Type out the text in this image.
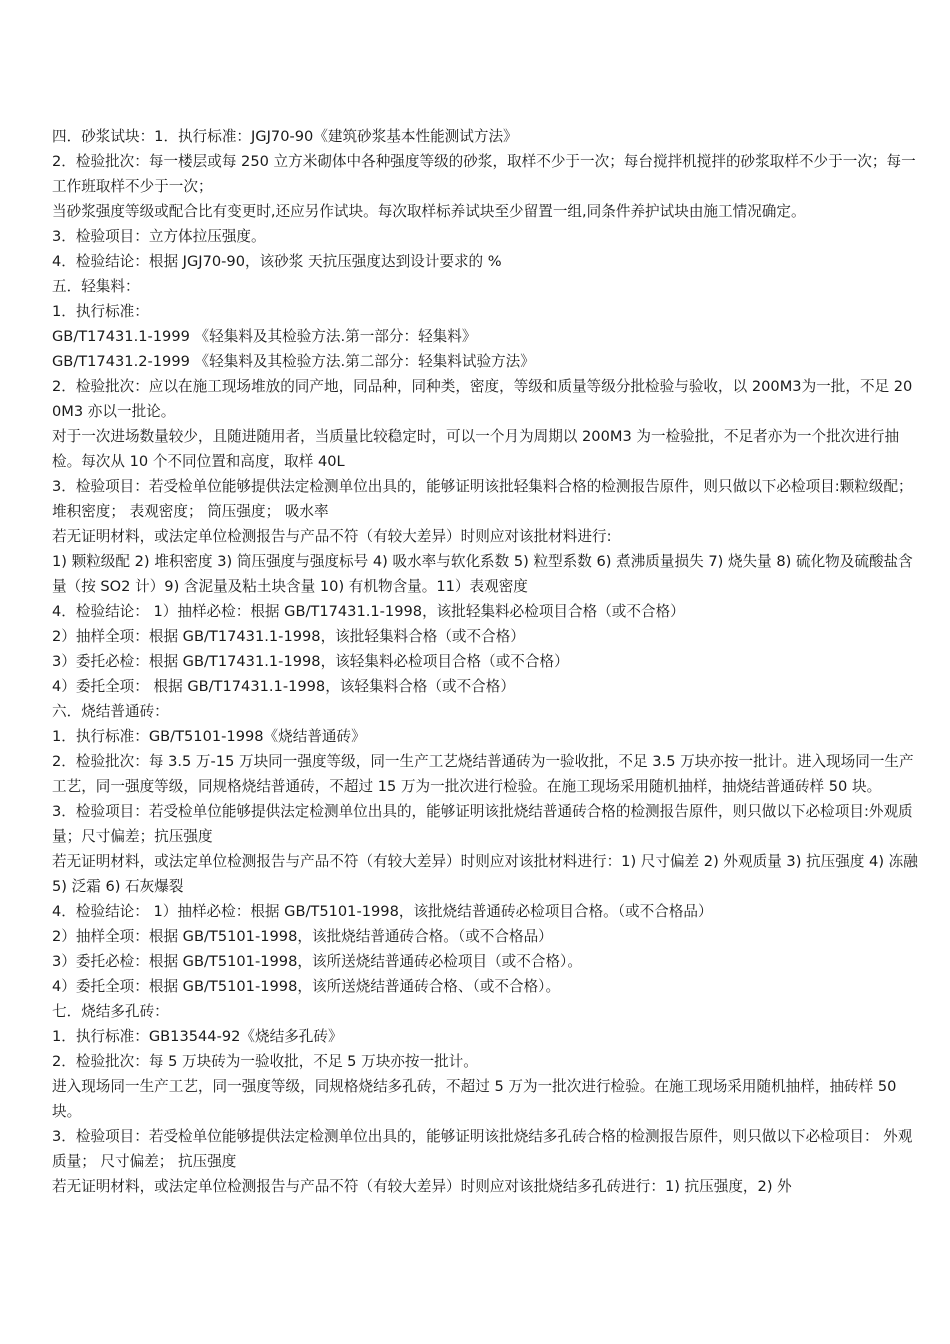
四．砂浆试块：1．执行标准：JGJ70-90《建筑砂浆基本性能测试方法》
2．检验批次：每一楼层或每 250 立方米砌体中各种强度等级的砂浆，取样不少于一次；每台搅拌机搅拌的砂浆取样不少于一次；每一工作班取样不少于一次；
当砂浆强度等级或配合比有变更时,还应另作试块。每次取样标养试块至少留置一组,同条件养护试块由施工情况确定。
3．检验项目：立方体拉压强度。
4．检验结论：根据 JGJ70-90，该砂浆 天抗压强度达到设计要求的 %
五．轻集料：
1．执行标准：
GB/T17431.1-1999 《轻集料及其检验方法.第一部分：轻集料》
GB/T17431.2-1999 《轻集料及其检验方法.第二部分：轻集料试验方法》
2．检验批次：应以在施工现场堆放的同产地，同品种，同种类，密度，等级和质量等级分批检验与验收，以 200M3为一批，不足 200M3 亦以一批论。
对于一次进场数量较少，且随进随用者，当质量比较稳定时，可以一个月为周期以 200M3 为一检验批，不足者亦为一个批次进行抽检。每次从 10 个不同位置和高度，取样 40L
3．检验项目：若受检单位能够提供法定检测单位出具的，能够证明该批轻集料合格的检测报告原件，则只做以下必检项目:颗粒级配； 堆积密度； 表观密度； 筒压强度； 吸水率
若无证明材料，或法定单位检测报告与产品不符（有较大差异）时则应对该批材料进行:
1) 颗粒级配 2) 堆积密度 3) 筒压强度与强度标号 4) 吸水率与软化系数 5) 粒型系数 6) 煮沸质量损失 7) 烧失量 8) 硫化物及硫酸盐含量（按 SO2 计）9) 含泥量及粘土块含量 10) 有机物含量。11）表观密度
4．检验结论： 1）抽样必检：根据 GB/T17431.1-1998，该批轻集料必检项目合格（或不合格）
2）抽样全项：根据 GB/T17431.1-1998，该批轻集料合格（或不合格）
3）委托必检：根据 GB/T17431.1-1998，该轻集料必检项目合格（或不合格）
4）委托全项： 根据 GB/T17431.1-1998，该轻集料合格（或不合格）
六．烧结普通砖：
1．执行标准：GB/T5101-1998《烧结普通砖》
2．检验批次：每 3.5 万-15 万块同一强度等级，同一生产工艺烧结普通砖为一验收批，不足 3.5 万块亦按一批计。进入现场同一生产工艺，同一强度等级，同规格烧结普通砖，不超过 15 万为一批次进行检验。在施工现场采用随机抽样，抽烧结普通砖样 50 块。
3．检验项目：若受检单位能够提供法定检测单位出具的，能够证明该批烧结普通砖合格的检测报告原件，则只做以下必检项目:外观质量；尺寸偏差；抗压强度
若无证明材料，或法定单位检测报告与产品不符（有较大差异）时则应对该批材料进行：1) 尺寸偏差 2) 外观质量 3) 抗压强度 4) 冻融 5) 泛霜 6) 石灰爆裂
4．检验结论： 1）抽样必检：根据 GB/T5101-1998，该批烧结普通砖必检项目合格。（或不合格品）
2）抽样全项：根据 GB/T5101-1998，该批烧结普通砖合格。（或不合格品）
3）委托必检：根据 GB/T5101-1998，该所送烧结普通砖必检项目（或不合格）。
4）委托全项：根据 GB/T5101-1998，该所送烧结普通砖合格、（或不合格）。
七．烧结多孔砖：
1．执行标准：GB13544-92《烧结多孔砖》
2．检验批次：每 5 万块砖为一验收批，不足 5 万块亦按一批计。
进入现场同一生产工艺，同一强度等级，同规格烧结多孔砖，不超过 5 万为一批次进行检验。在施工现场采用随机抽样，抽砖样 50 块。
3．检验项目：若受检单位能够提供法定检测单位出具的，能够证明该批烧结多孔砖合格的检测报告原件，则只做以下必检项目： 外观质量； 尺寸偏差； 抗压强度
若无证明材料，或法定单位检测报告与产品不符（有较大差异）时则应对该批烧结多孔砖进行：1) 抗压强度，2) 外
